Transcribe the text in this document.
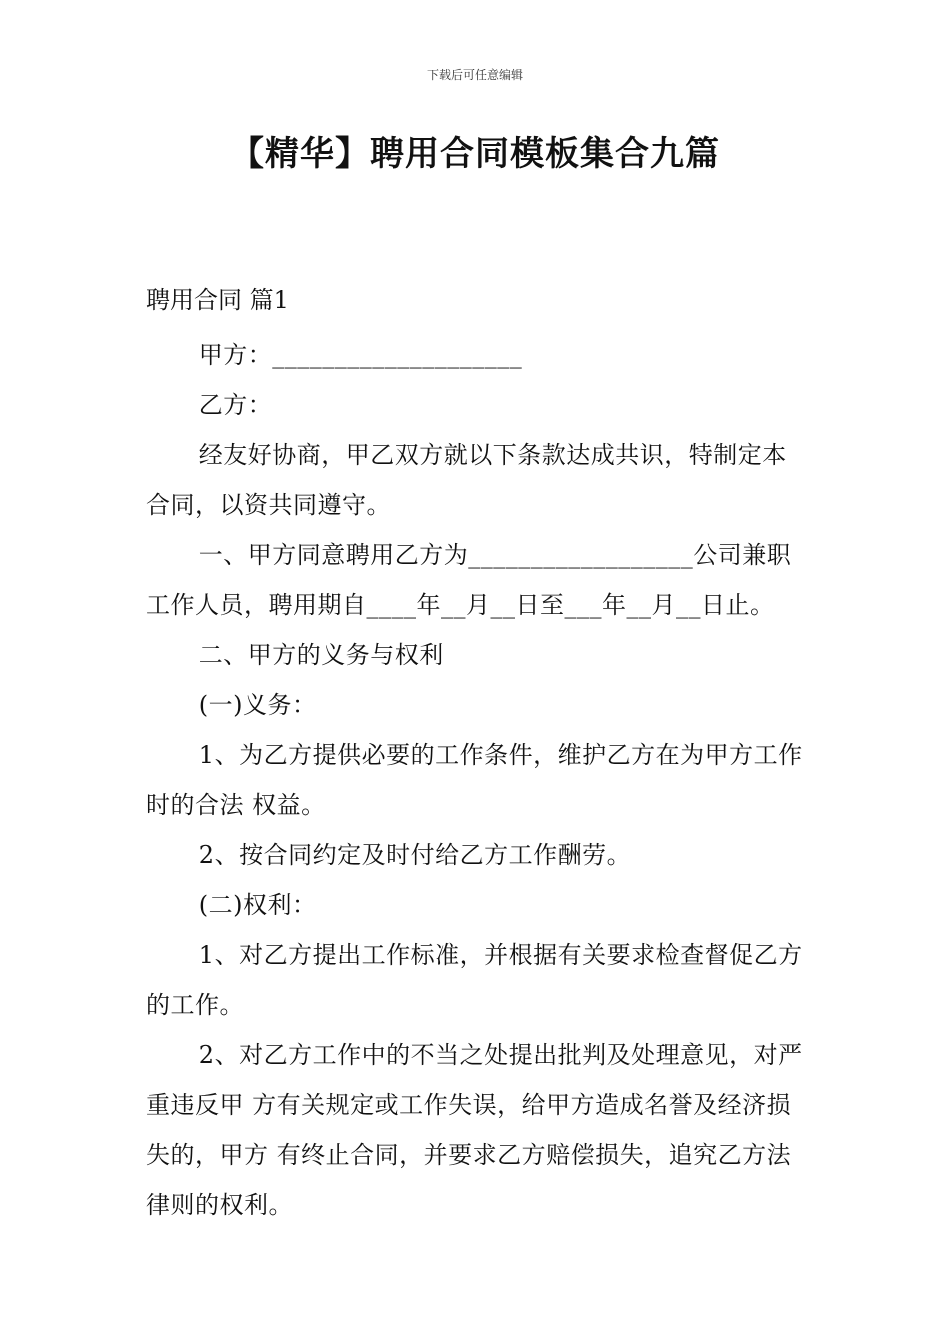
下载后可任意编辑
【精华】聘用合同模板集合九篇
聘用合同 篇1

甲方：____________________

乙方：

经友好协商，甲乙双方就以下条款达成共识，特制定本合同，以资共同遵守。

一、甲方同意聘用乙方为__________________公司兼职工作人员，聘用期自____年__月__日至___年__月__日止。

二、甲方的义务与权利

(一)义务：

1、为乙方提供必要的工作条件，维护乙方在为甲方工作时的合法 权益。

2、按合同约定及时付给乙方工作酬劳。

(二)权利：

1、对乙方提出工作标准，并根据有关要求检查督促乙方的工作。

2、对乙方工作中的不当之处提出批判及处理意见，对严重违反甲 方有关规定或工作失误，给甲方造成名誉及经济损失的，甲方 有终止合同，并要求乙方赔偿损失，追究乙方法律则的权利。
